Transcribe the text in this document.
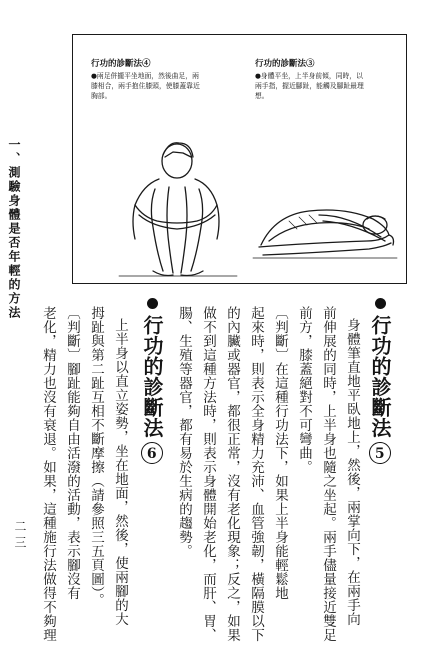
一、測驗身體是否年輕的方法
二三
行功的診斷法④
●兩足併攏平坐地面，然後曲足，兩膝相合，兩手抱住膝頭，使膝蓋靠近胸部。
行功的診斷法③
●身體平坐，上半身前傾，同時，以兩手指，握近腳趾，能觸及腳趾最理想。
行功的診斷法5
身體筆直地平臥地上，然後，兩掌向下，在兩手向
前伸展的同時，上半身也隨之坐起。兩手儘量接近雙足
前方，膝蓋絕對不可彎曲。
〔判斷〕在這種行功法下，如果上半身能輕鬆地
起來時，則表示全身精力充沛、血管強韌，橫隔膜以下
的內臟或器官，都很正常，沒有老化現象；反之，如果
做不到這種方法時，則表示身體開始老化，而肝、胃、
腸、生殖等器官，都有易於生病的趨勢。
行功的診斷法6
上半身以直立姿勢，坐在地面，然後，使兩腳的大
拇趾與第二趾互相不斷摩擦（請參照三五頁圖）。
〔判斷〕腳趾能夠自由活潑的活動，表示腳沒有
老化，精力也沒有衰退。如果，這種施行法做得不夠理
